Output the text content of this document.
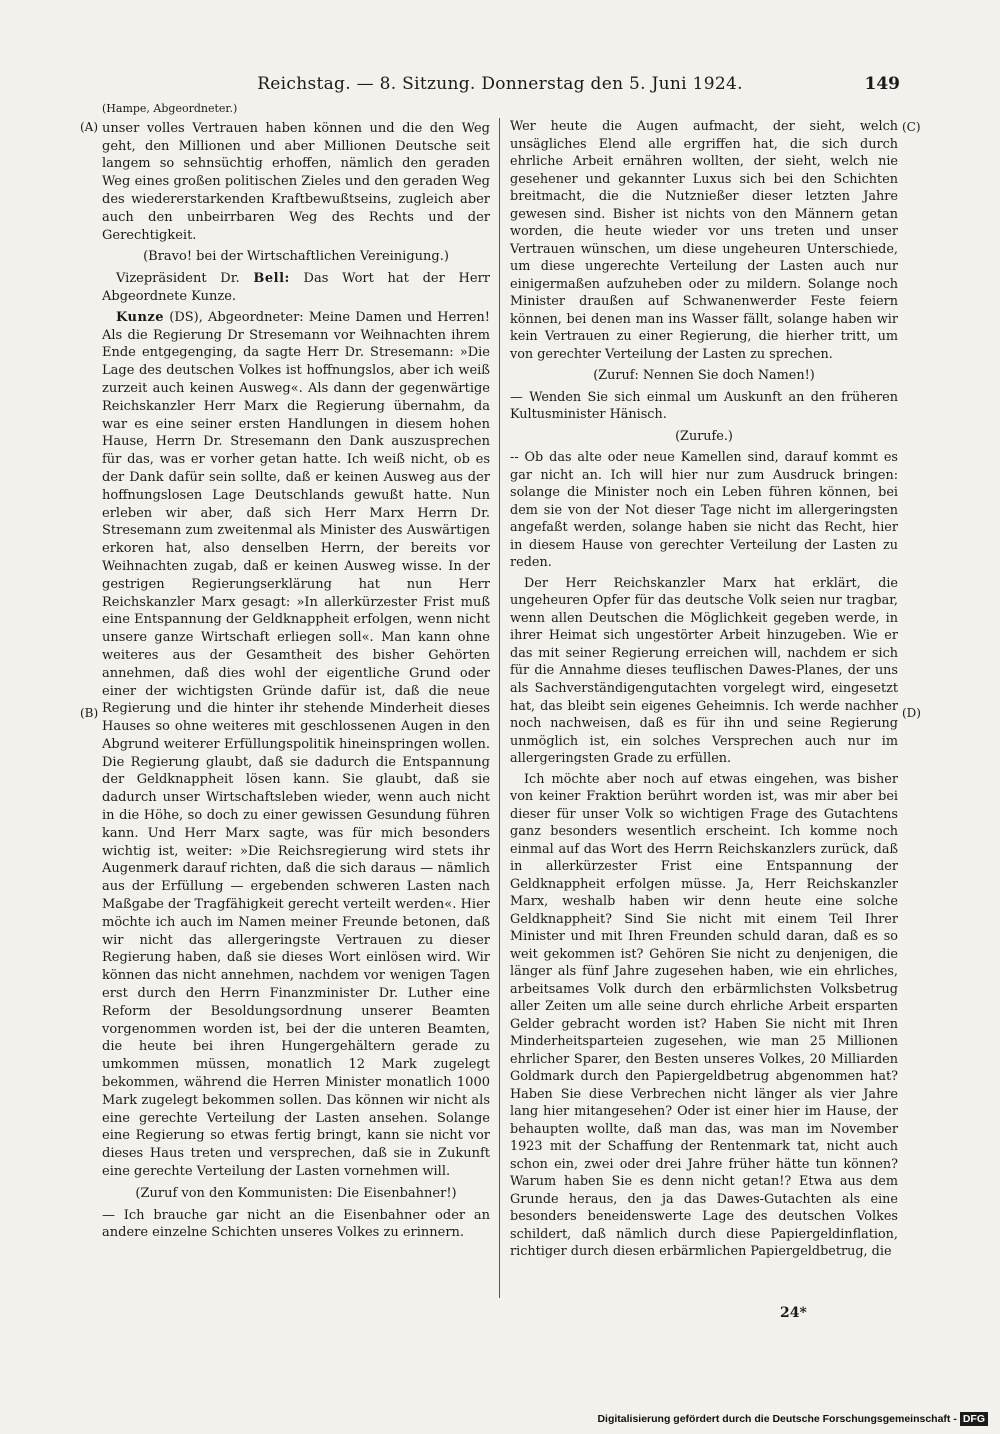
Reichstag. — 8. Sitzung. Donnerstag den 5. Juni 1924.	149
(A)
(B)
(C)
(D)

(Hampe, Abgeordneter.)

unser volles Vertrauen haben können und die den Weg geht, den Millionen und aber Millionen Deutsche seit langem so sehnsüchtig erhoffen, nämlich den geraden Weg eines großen politischen Zieles und den geraden Weg des wiedererstarkenden Kraftbewußtseins, zugleich aber auch den unbeirrbaren Weg des Rechts und der Gerechtigkeit.

(Bravo! bei der Wirtschaftlichen Vereinigung.)

Vizepräsident Dr. Bell: Das Wort hat der Herr Abgeordnete Kunze.

Kunze (DS), Abgeordneter: Meine Damen und Herren! Als die Regierung Dr Stresemann vor Weihnachten ihrem Ende entgegenging, da sagte Herr Dr. Stresemann: »Die Lage des deutschen Volkes ist hoffnungslos, aber ich weiß zurzeit auch keinen Ausweg«. Als dann der gegenwärtige Reichskanzler Herr Marx die Regierung übernahm, da war es eine seiner ersten Handlungen in diesem hohen Hause, Herrn Dr. Stresemann den Dank auszusprechen für das, was er vorher getan hatte. Ich weiß nicht, ob es der Dank dafür sein sollte, daß er keinen Ausweg aus der hoffnungslosen Lage Deutschlands gewußt hatte. Nun erleben wir aber, daß sich Herr Marx Herrn Dr. Stresemann zum zweitenmal als Minister des Auswärtigen erkoren hat, also denselben Herrn, der bereits vor Weihnachten zugab, daß er keinen Ausweg wisse. In der gestrigen Regierungserklärung hat nun Herr Reichskanzler Marx gesagt: »In allerkürzester Frist muß eine Entspannung der Geldknappheit erfolgen, wenn nicht unsere ganze Wirtschaft erliegen soll«. Man kann ohne weiteres aus der Gesamtheit des bisher Gehörten annehmen, daß dies wohl der eigentliche Grund oder einer der wichtigsten Gründe dafür ist, daß die neue Regierung und die hinter ihr stehende Minderheit dieses Hauses so ohne weiteres mit geschlossenen Augen in den Abgrund weiterer Erfüllungspolitik hineinspringen wollen. Die Regierung glaubt, daß sie dadurch die Entspannung der Geldknappheit lösen kann. Sie glaubt, daß sie dadurch unser Wirtschaftsleben wieder, wenn auch nicht in die Höhe, so doch zu einer gewissen Gesundung führen kann. Und Herr Marx sagte, was für mich besonders wichtig ist, weiter: »Die Reichsregierung wird stets ihr Augenmerk darauf richten, daß die sich daraus — nämlich aus der Erfüllung — ergebenden schweren Lasten nach Maßgabe der Tragfähigkeit gerecht verteilt werden«. Hier möchte ich auch im Namen meiner Freunde betonen, daß wir nicht das allergeringste Vertrauen zu dieser Regierung haben, daß sie dieses Wort einlösen wird. Wir können das nicht annehmen, nachdem vor wenigen Tagen erst durch den Herrn Finanzminister Dr. Luther eine Reform der Besoldungsordnung unserer Beamten vorgenommen worden ist, bei der die unteren Beamten, die heute bei ihren Hungergehältern gerade zu umkommen müssen, monatlich 12 Mark zugelegt bekommen, während die Herren Minister monatlich 1000 Mark zugelegt bekommen sollen. Das können wir nicht als eine gerechte Verteilung der Lasten ansehen. Solange eine Regierung so etwas fertig bringt, kann sie nicht vor dieses Haus treten und versprechen, daß sie in Zukunft eine gerechte Verteilung der Lasten vornehmen will.

(Zuruf von den Kommunisten: Die Eisenbahner!)

— Ich brauche gar nicht an die Eisenbahner oder an andere einzelne Schichten unseres Volkes zu erinnern.

Wer heute die Augen aufmacht, der sieht, welch unsägliches Elend alle ergriffen hat, die sich durch ehrliche Arbeit ernähren wollten, der sieht, welch nie gesehener und gekannter Luxus sich bei den Schichten breitmacht, die die Nutznießer dieser letzten Jahre gewesen sind. Bisher ist nichts von den Männern getan worden, die heute wieder vor uns treten und unser Vertrauen wünschen, um diese ungeheuren Unterschiede, um diese ungerechte Verteilung der Lasten auch nur einigermaßen aufzuheben oder zu mildern. Solange noch Minister draußen auf Schwanenwerder Feste feiern können, bei denen man ins Wasser fällt, solange haben wir kein Vertrauen zu einer Regierung, die hierher tritt, um von gerechter Verteilung der Lasten zu sprechen.

(Zuruf: Nennen Sie doch Namen!)

— Wenden Sie sich einmal um Auskunft an den früheren Kultusminister Hänisch.

(Zurufe.)

-- Ob das alte oder neue Kamellen sind, darauf kommt es gar nicht an. Ich will hier nur zum Ausdruck bringen: solange die Minister noch ein Leben führen können, bei dem sie von der Not dieser Tage nicht im allergeringsten angefaßt werden, solange haben sie nicht das Recht, hier in diesem Hause von gerechter Verteilung der Lasten zu reden.

Der Herr Reichskanzler Marx hat erklärt, die ungeheuren Opfer für das deutsche Volk seien nur tragbar, wenn allen Deutschen die Möglichkeit gegeben werde, in ihrer Heimat sich ungestörter Arbeit hinzugeben. Wie er das mit seiner Regierung erreichen will, nachdem er sich für die Annahme dieses teuflischen Dawes-Planes, der uns als Sachverständigengutachten vorgelegt wird, eingesetzt hat, das bleibt sein eigenes Geheimnis. Ich werde nachher noch nachweisen, daß es für ihn und seine Regierung unmöglich ist, ein solches Versprechen auch nur im allergeringsten Grade zu erfüllen.

Ich möchte aber noch auf etwas eingehen, was bisher von keiner Fraktion berührt worden ist, was mir aber bei dieser für unser Volk so wichtigen Frage des Gutachtens ganz besonders wesentlich erscheint. Ich komme noch einmal auf das Wort des Herrn Reichskanzlers zurück, daß in allerkürzester Frist eine Entspannung der Geldknappheit erfolgen müsse. Ja, Herr Reichskanzler Marx, weshalb haben wir denn heute eine solche Geldknappheit? Sind Sie nicht mit einem Teil Ihrer Minister und mit Ihren Freunden schuld daran, daß es so weit gekommen ist? Gehören Sie nicht zu denjenigen, die länger als fünf Jahre zugesehen haben, wie ein ehrliches, arbeitsames Volk durch den erbärmlichsten Volksbetrug aller Zeiten um alle seine durch ehrliche Arbeit ersparten Gelder gebracht worden ist? Haben Sie nicht mit Ihren Minderheitsparteien zugesehen, wie man 25 Millionen ehrlicher Sparer, den Besten unseres Volkes, 20 Milliarden Goldmark durch den Papiergeldbetrug abgenommen hat? Haben Sie diese Verbrechen nicht länger als vier Jahre lang hier mitangesehen? Oder ist einer hier im Hause, der behaupten wollte, daß man das, was man im November 1923 mit der Schaffung der Rentenmark tat, nicht auch schon ein, zwei oder drei Jahre früher hätte tun können? Warum haben Sie es denn nicht getan!? Etwa aus dem Grunde heraus, den ja das Dawes-Gutachten als eine besonders beneidenswerte Lage des deutschen Volkes schildert, daß nämlich durch diese Papiergeldinflation, richtiger durch diesen erbärmlichen Papiergeldbetrug, die

24*
Digitalisierung gefördert durch die Deutsche Forschungsgemeinschaft - DFG
